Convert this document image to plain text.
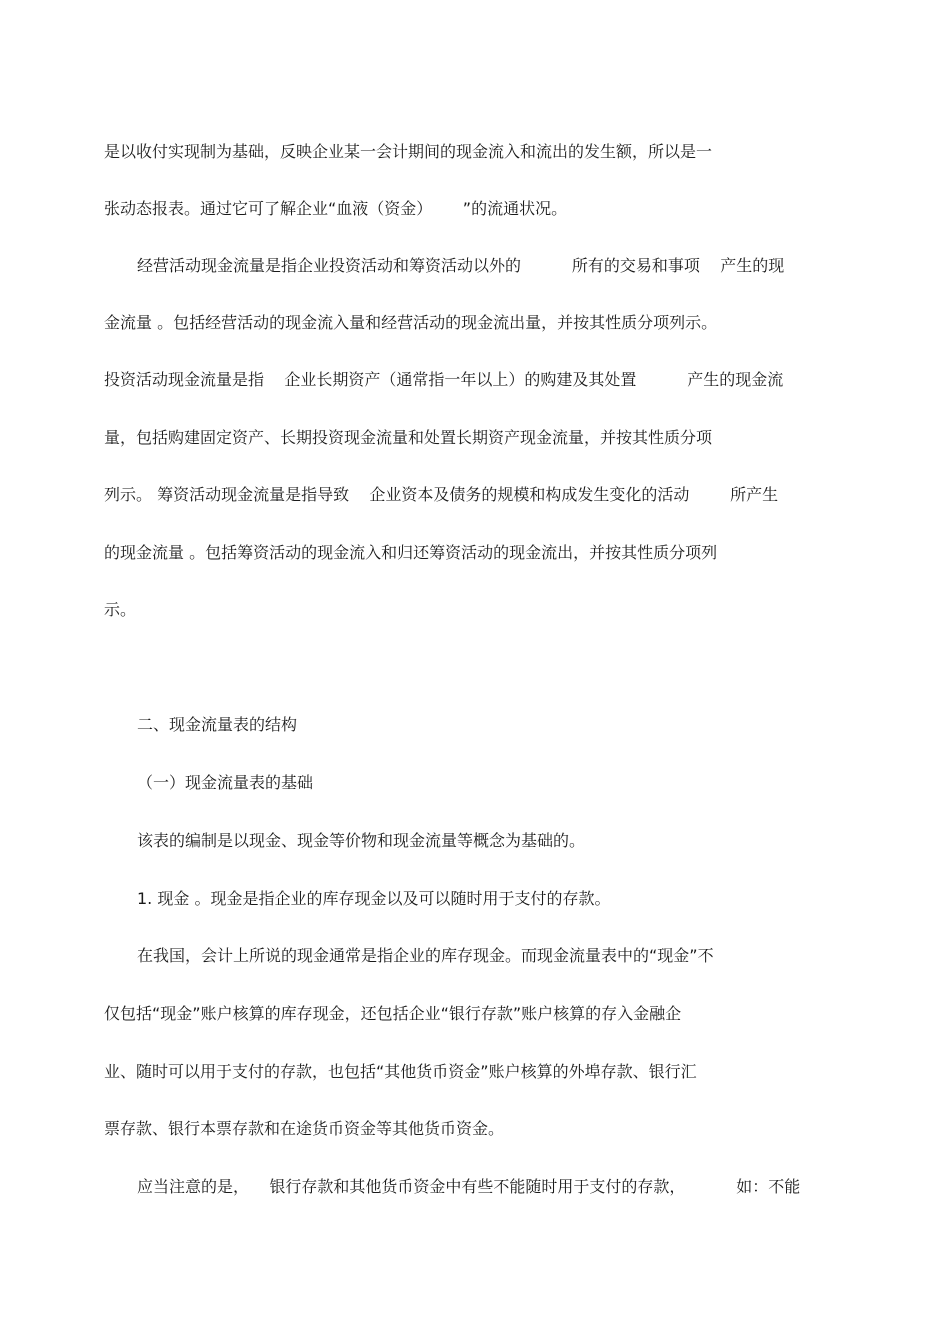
是以收付实现制为基础，反映企业某一会计期间的现金流入和流出的发生额，所以是一

张动态报表。通过它可了解企业“血液（资金）      ”的流通状况。

经营活动现金流量是指企业投资活动和筹资活动以外的          所有的交易和事项    产生的现

金流量 。包括经营活动的现金流入量和经营活动的现金流出量，并按其性质分项列示。

投资活动现金流量是指    企业长期资产（通常指一年以上）的购建及其处置          产生的现金流

量，包括购建固定资产、长期投资现金流量和处置长期资产现金流量，并按其性质分项

列示。 筹资活动现金流量是指导致    企业资本及债务的规模和构成发生变化的活动        所产生

的现金流量 。包括筹资活动的现金流入和归还筹资活动的现金流出，并按其性质分项列

示。

二、现金流量表的结构

（一）现金流量表的基础

该表的编制是以现金、现金等价物和现金流量等概念为基础的。

1. 现金 。现金是指企业的库存现金以及可以随时用于支付的存款。

在我国，会计上所说的现金通常是指企业的库存现金。而现金流量表中的“现金”不

仅包括“现金”账户核算的库存现金，还包括企业“银行存款”账户核算的存入金融企

业、随时可以用于支付的存款，也包括“其他货币资金”账户核算的外埠存款、银行汇

票存款、银行本票存款和在途货币资金等其他货币资金。

应当注意的是，    银行存款和其他货币资金中有些不能随时用于支付的存款，          如：不能
